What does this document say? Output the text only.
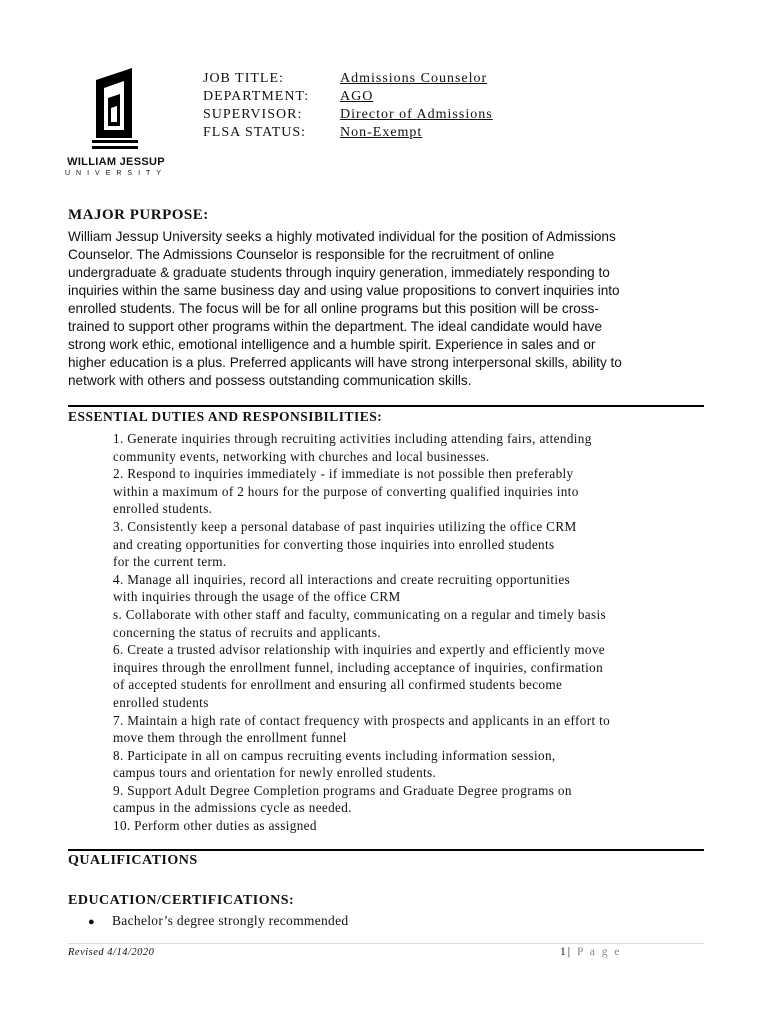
WILLIAM JESSUP
UNIVERSITY
JOB TITLE:	Admissions Counselor
DEPARTMENT:	AGO
SUPERVISOR:	Director of Admissions
FLSA STATUS:	Non-Exempt
MAJOR PURPOSE:
William Jessup University seeks a highly motivated individual for the position of Admissions
Counselor. The Admissions Counselor is responsible for the recruitment of online
undergraduate & graduate students through inquiry generation, immediately responding to
inquiries within the same business day and using value propositions to convert inquiries into
enrolled students. The focus will be for all online programs but this position will be cross-
trained to support other programs within the department. The ideal candidate would have
strong work ethic, emotional intelligence and a humble spirit. Experience in sales and or
higher education is a plus. Preferred applicants will have strong interpersonal skills, ability to
network with others and possess outstanding communication skills.
ESSENTIAL DUTIES AND RESPONSIBILITIES:
1. Generate inquiries through recruiting activities including attending fairs, attending
community events, networking with churches and local businesses.
2. Respond to inquiries immediately - if immediate is not possible then preferably
within a maximum of 2 hours for the purpose of converting qualified inquiries into
enrolled students.
3. Consistently keep a personal database of past inquiries utilizing the office CRM
and creating opportunities for converting those inquiries into enrolled students
for the current term.
4. Manage all inquiries, record all interactions and create recruiting opportunities
with inquiries through the usage of the office CRM
s. Collaborate with other staff and faculty, communicating on a regular and timely basis
concerning the status of recruits and applicants.
6. Create a trusted advisor relationship with inquiries and expertly and efficiently move
inquires through the enrollment funnel, including acceptance of inquiries, confirmation
of accepted students for enrollment and ensuring all confirmed students become
enrolled students
7. Maintain a high rate of contact frequency with prospects and applicants in an effort to
move them through the enrollment funnel
8. Participate in all on campus recruiting events including information session,
campus tours and orientation for newly enrolled students.
9. Support Adult Degree Completion programs and Graduate Degree programs on
campus in the admissions cycle as needed.
10. Perform other duties as assigned
QUALIFICATIONS
EDUCATION/CERTIFICATIONS:
● Bachelor’s degree strongly recommended
Revised 4/14/2020	1| P a g e
